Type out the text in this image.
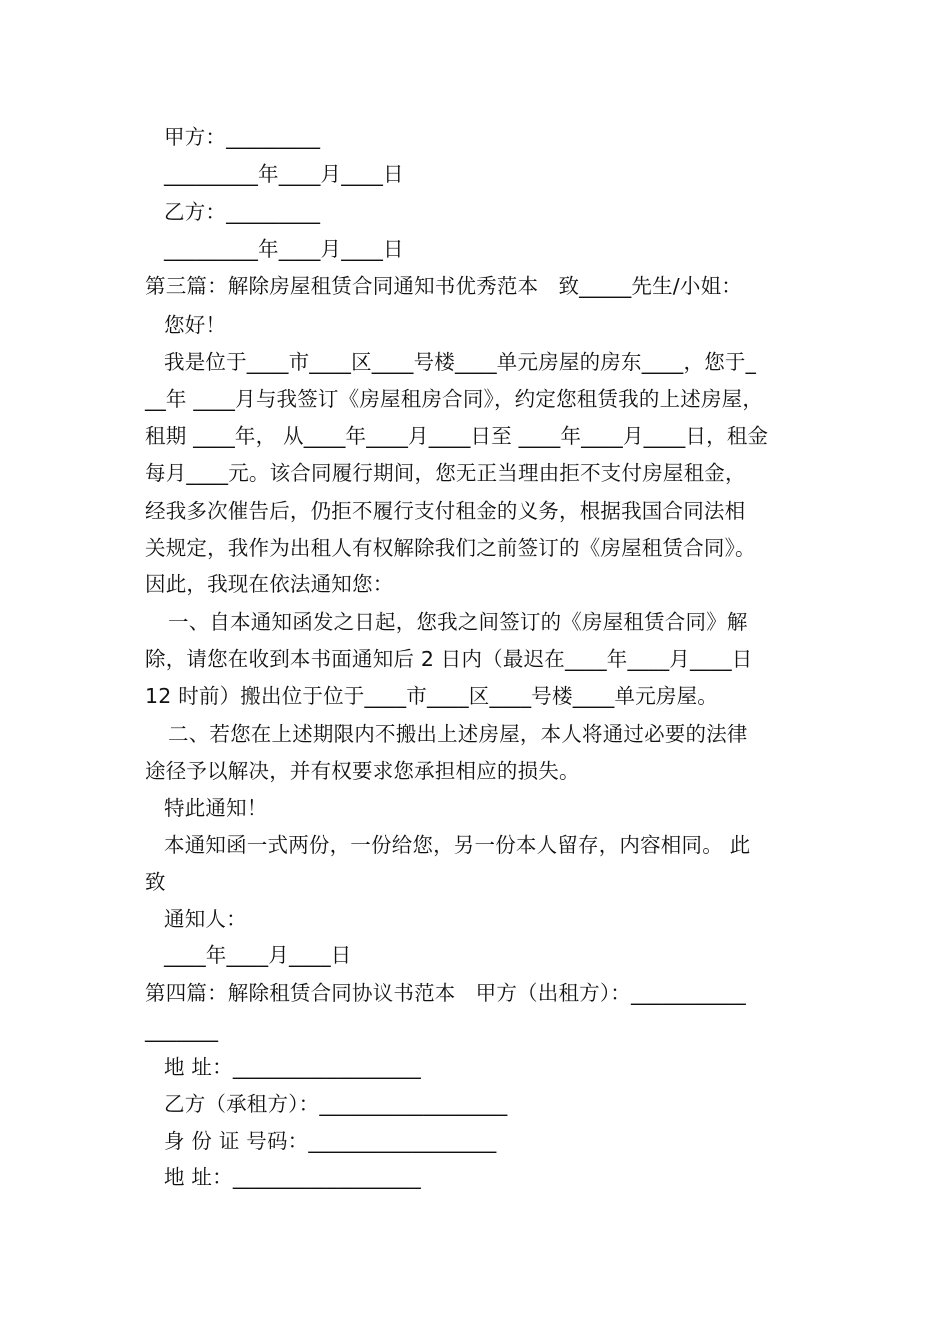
甲方：_________
_________年____月____日
乙方：_________
_________年____月____日
第三篇：解除房屋租赁合同通知书优秀范本   致_____先生/小姐：
您好！
我是位于____市____区____号楼____单元房屋的房东____，您于_
__年 ____月与我签订《房屋租房合同》，约定您租赁我的上述房屋，
租期 ____年， 从____年____月____日至 ____年____月____日，租金
每月____元。该合同履行期间，您无正当理由拒不支付房屋租金，
经我多次催告后，仍拒不履行支付租金的义务，根据我国合同法相
关规定，我作为出租人有权解除我们之前签订的《房屋租赁合同》。
因此，我现在依法通知您：
一、自本通知函发之日起，您我之间签订的《房屋租赁合同》解
除，请您在收到本书面通知后 2 日内（最迟在____年____月____日
12 时前）搬出位于位于____市____区____号楼____单元房屋。
二、若您在上述期限内不搬出上述房屋，本人将通过必要的法律
途径予以解决，并有权要求您承担相应的损失。
特此通知！
本通知函一式两份，一份给您，另一份本人留存，内容相同。 此
致
通知人：
____年____月____日
第四篇：解除租赁合同协议书范本   甲方（出租方）：___________
_______
地 址：__________________
乙方（承租方）：__________________
身 份 证 号码：__________________
地 址：__________________
